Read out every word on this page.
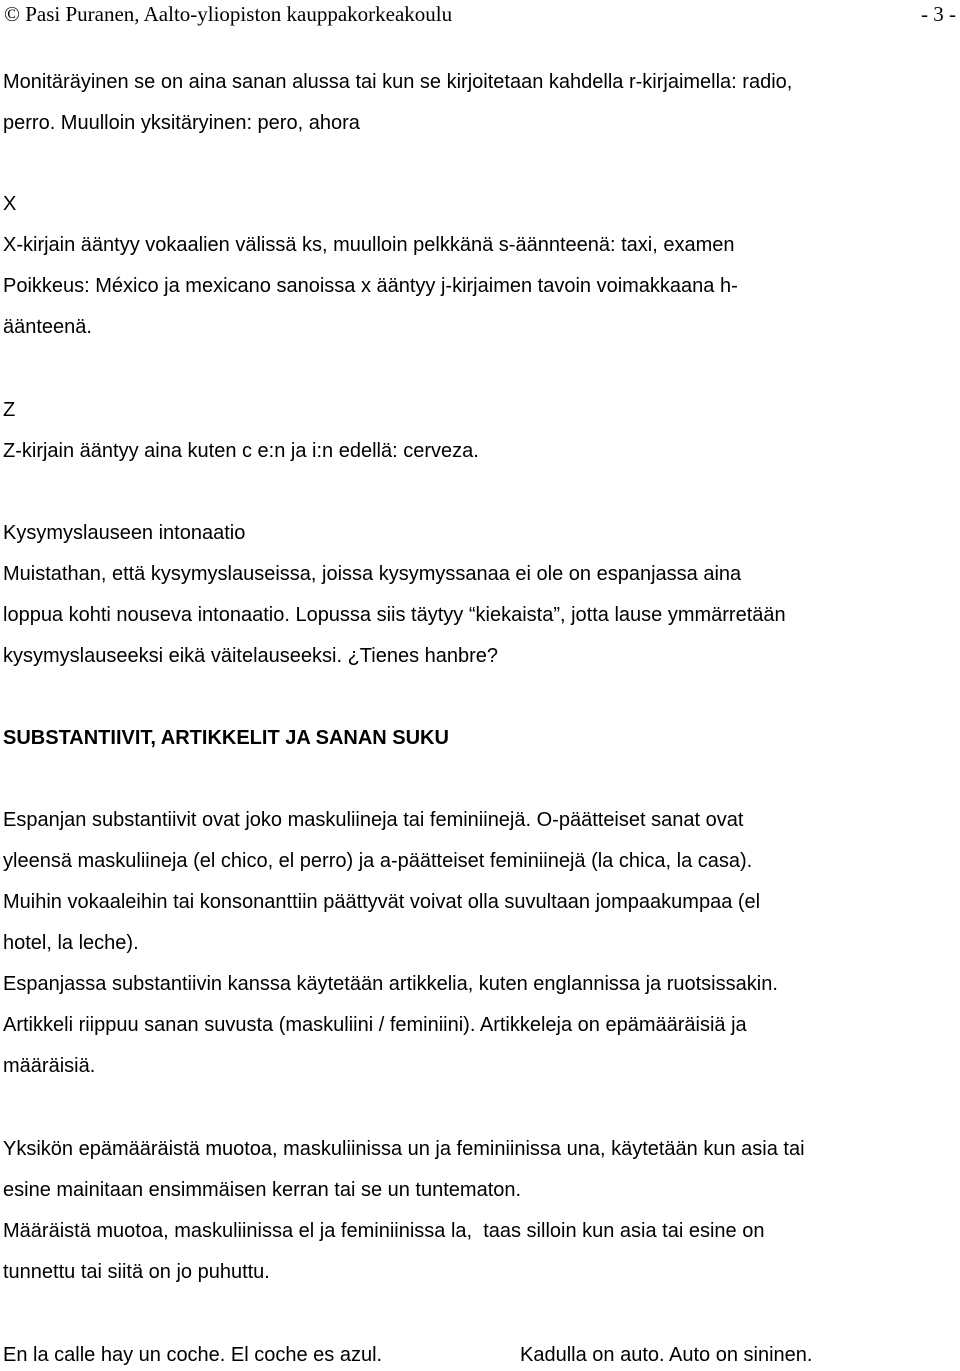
© Pasi Puranen, Aalto-yliopiston kauppakorkeakoulu	- 3 -
Monitäräyinen se on aina sanan alussa tai kun se kirjoitetaan kahdella r-kirjaimella: radio,
perro. Muulloin yksitäryinen: pero, ahora
X
X-kirjain ääntyy vokaalien välissä ks, muulloin pelkkänä s-äännteenä: taxi, examen
Poikkeus: México ja mexicano sanoissa x ääntyy j-kirjaimen tavoin voimakkaana h-
äänteenä.
Z
Z-kirjain ääntyy aina kuten c e:n ja i:n edellä: cerveza.
Kysymyslauseen intonaatio
Muistathan, että kysymyslauseissa, joissa kysymyssanaa ei ole on espanjassa aina
loppua kohti nouseva intonaatio. Lopussa siis täytyy “kiekaista”, jotta lause ymmärretään
kysymyslauseeksi eikä väitelauseeksi. ¿Tienes hanbre?
SUBSTANTIIVIT, ARTIKKELIT JA SANAN SUKU
Espanjan substantiivit ovat joko maskuliineja tai feminiinejä. O-päätteiset sanat ovat
yleensä maskuliineja (el chico, el perro) ja a-päätteiset feminiinejä (la chica, la casa).
Muihin vokaaleihin tai konsonanttiin päättyvät voivat olla suvultaan jompaakumpaa (el
hotel, la leche).
Espanjassa substantiivin kanssa käytetään artikkelia, kuten englannissa ja ruotsissakin.
Artikkeli riippuu sanan suvusta (maskuliini / feminiini). Artikkeleja on epämääräisiä ja
määräisiä.
Yksikön epämääräistä muotoa, maskuliinissa un ja feminiinissa una, käytetään kun asia tai
esine mainitaan ensimmäisen kerran tai se un tuntematon.
Määräistä muotoa, maskuliinissa el ja feminiinissa la,  taas silloin kun asia tai esine on
tunnettu tai siitä on jo puhuttu.
En la calle hay un coche. El coche es azul.	Kadulla on auto. Auto on sininen.
